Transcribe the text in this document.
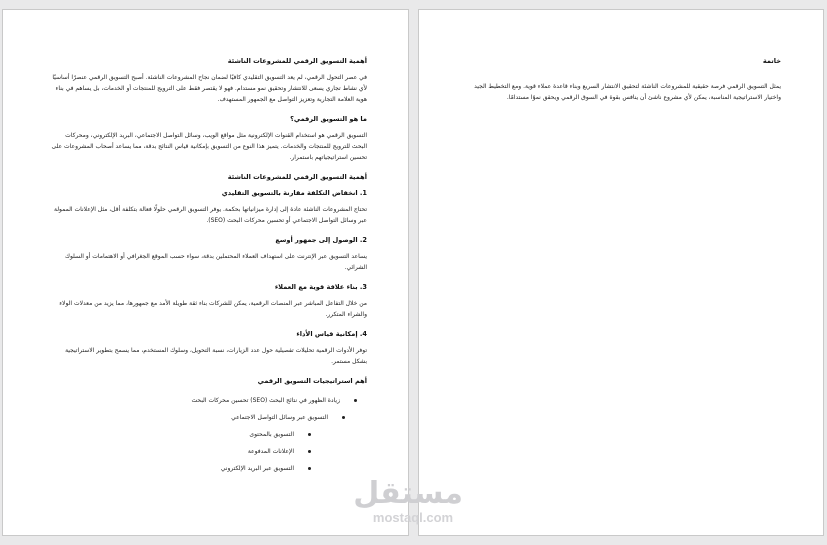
أهمية التسويق الرقمي للمشروعات الناشئة

في عصر التحول الرقمي، لم يعد التسويق التقليدي كافيًا لضمان نجاح المشروعات الناشئة. أصبح التسويق الرقمي عنصرًا أساسيًا لأي نشاط تجاري يسعى للانتشار وتحقيق نمو مستدام. فهو لا يقتصر فقط على الترويج للمنتجات أو الخدمات، بل يساهم في بناء هوية العلامة التجارية وتعزيز التواصل مع الجمهور المستهدف.

ما هو التسويق الرقمي؟

التسويق الرقمي هو استخدام القنوات الإلكترونية مثل مواقع الويب، وسائل التواصل الاجتماعي، البريد الإلكتروني، ومحركات البحث للترويج للمنتجات والخدمات. يتميز هذا النوع من التسويق بإمكانية قياس النتائج بدقة، مما يساعد أصحاب المشروعات على تحسين استراتيجياتهم باستمرار.

أهمية التسويق الرقمي للمشروعات الناشئة

1. انخفاض التكلفة مقارنة بالتسويق التقليدي

تحتاج المشروعات الناشئة عادة إلى إدارة ميزانياتها بحكمة. يوفر التسويق الرقمي حلولًا فعالة بتكلفة أقل، مثل الإعلانات الممولة عبر وسائل التواصل الاجتماعي أو تحسين محركات البحث (SEO).

2. الوصول إلى جمهور أوسع

يساعد التسويق عبر الإنترنت على استهداف العملاء المحتملين بدقة، سواء حسب الموقع الجغرافي أو الاهتمامات أو السلوك الشرائي.

3. بناء علاقة قوية مع العملاء

من خلال التفاعل المباشر عبر المنصات الرقمية، يمكن للشركات بناء ثقة طويلة الأمد مع جمهورها، مما يزيد من معدلات الولاء والشراء المتكرر.

4. إمكانية قياس الأداء

توفر الأدوات الرقمية تحليلات تفصيلية حول عدد الزيارات، نسبة التحويل، وسلوك المستخدم، مما يسمح بتطوير الاستراتيجية بشكل مستمر.

أهم استراتيجيات التسويق الرقمي

زيادة الظهور في نتائج البحث (SEO) تحسين محركات البحث
التسويق عبر وسائل التواصل الاجتماعي
التسويق بالمحتوى
الإعلانات المدفوعة
التسويق عبر البريد الإلكتروني

خاتمة

يمثل التسويق الرقمي فرصة حقيقية للمشروعات الناشئة لتحقيق الانتشار السريع وبناء قاعدة عملاء قوية. ومع التخطيط الجيد واختيار الاستراتيجية المناسبة، يمكن لأي مشروع ناشئ أن ينافس بقوة في السوق الرقمي ويحقق نموًا مستدامًا.

مستقل
mostaql.com
